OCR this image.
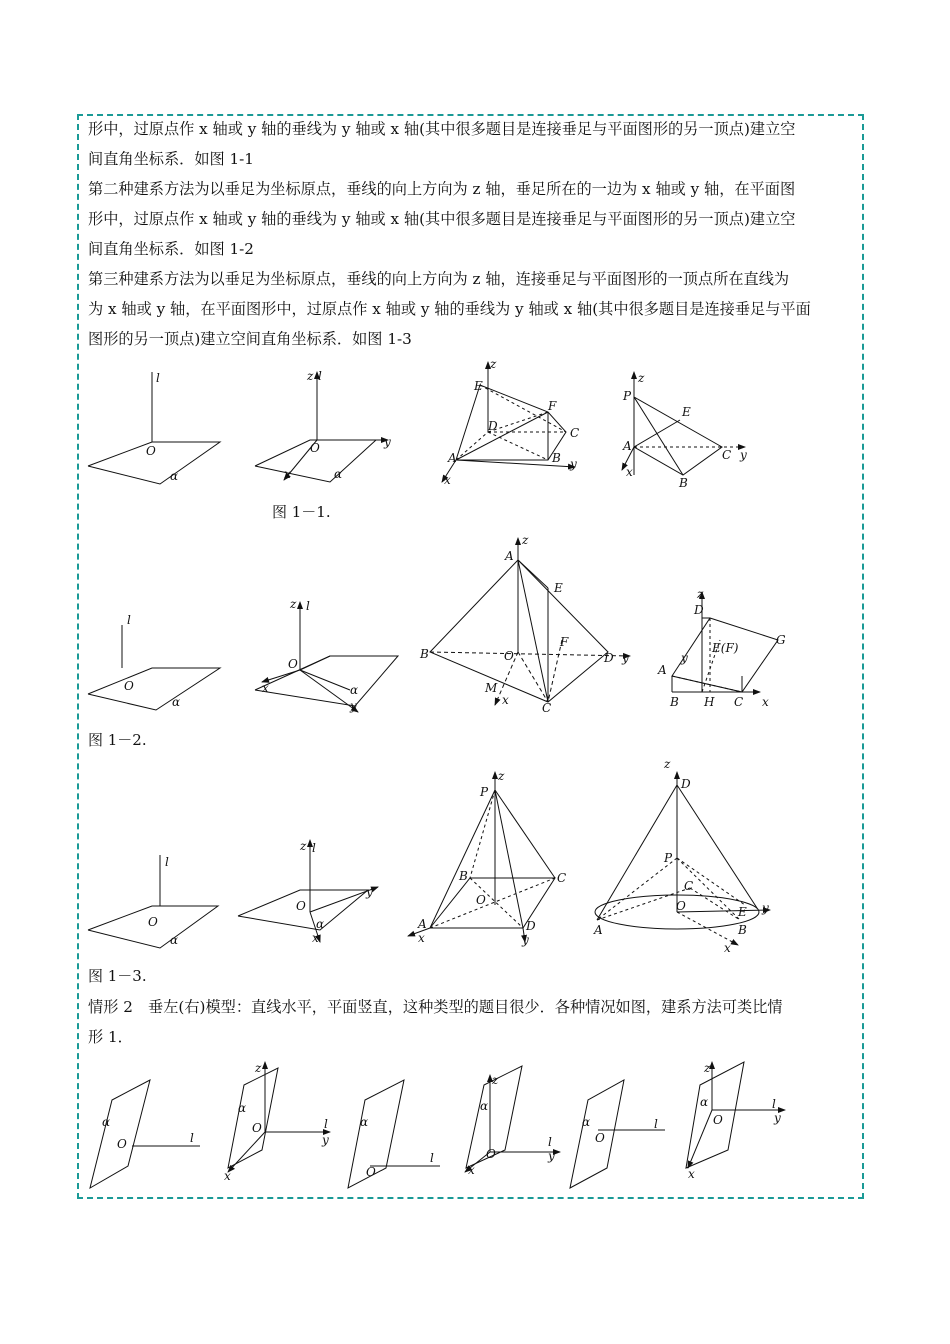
形中，过原点作 x 轴或 y 轴的垂线为 y 轴或 x 轴(其中很多题目是连接垂足与平面图形的另一顶点)建立空

间直角坐标系．如图 1-1

第二种建系方法为以垂足为坐标原点，垂线的向上方向为 z 轴，垂足所在的一边为 x 轴或 y 轴，在平面图

形中，过原点作 x 轴或 y 轴的垂线为 y 轴或 x 轴(其中很多题目是连接垂足与平面图形的另一顶点)建立空

间直角坐标系．如图 1-2

第三种建系方法为以垂足为坐标原点，垂线的向上方向为 z 轴，连接垂足与平面图形的一顶点所在直线为

为 x 轴或 y 轴，在平面图形中，过原点作 x 轴或 y 轴的垂线为 y 轴或 x 轴(其中很多题目是连接垂足与平面

图形的另一顶点)建立空间直角坐标系．如图 1-3

图 1－1.
图 1－2.
图 1－3.

情形 2　垂左(右)模型：直线水平，平面竖直，这种类型的题目很少．各种情况如图，建系方法可类比情

形 1．

l
O
α
z l
O
α
y
x
z
E
F
D	C
A	B y
x
z
P
E
A
C y
B
x
l
O
α
z l
O
α
x
y
z
A
E
F
B	O	D y
M
x
C
z
D
G
E(F)
y
A
B H C x
l
O
α
z l
O
y
α
x
z
P
B	C
O
A	D
x	y
z
D
P
C
O	E y
A	B
x
α
O	l
z
α
O	l
y
x
α
O
l
z
α
O
l
y
x
α
O
l
z
α
O
l
y
x
